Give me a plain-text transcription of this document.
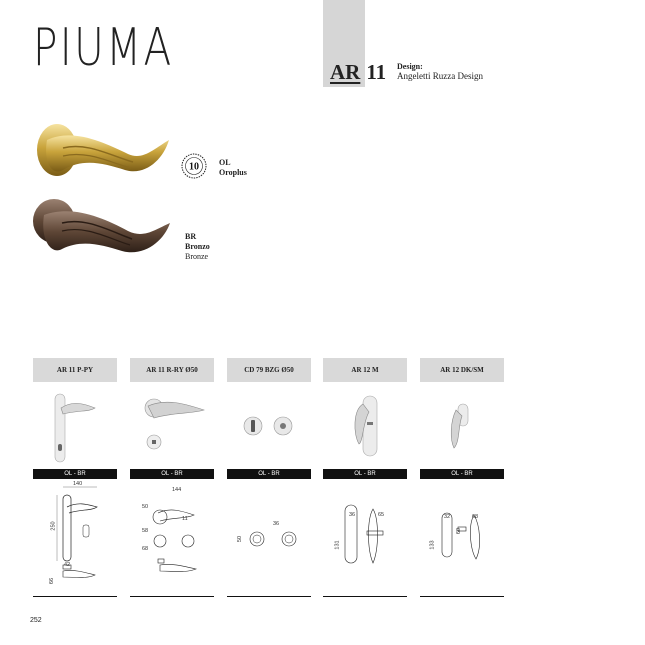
PIUMA	AR 11 Design:
Angeletti Ruzza Design
10	OL
Oroplus
BR
Bronzo
Bronze
AR 11 P-PY
OL - BR
140
250
42
66
AR 11 R-RY Ø50
OL - BR
144
50
11
58
68
CD 79 BZG Ø50
OL - BR
36
50
AR 12 M
OL - BR
36	65
131
AR 12 DK/SM
OL - BR
32	68
133
60
252
